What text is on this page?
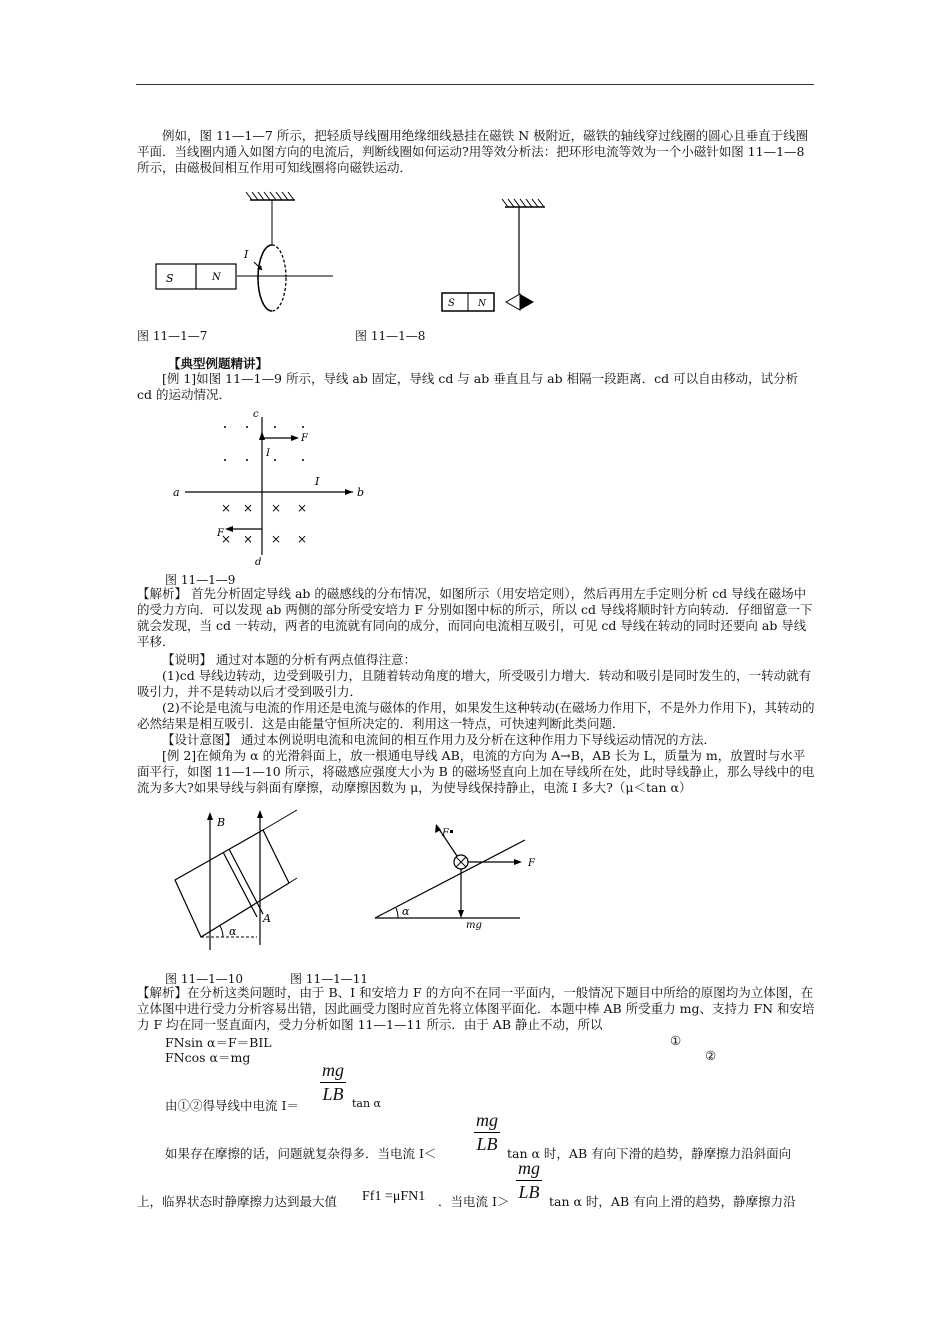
例如，图 11—1—7 所示，把轻质导线圈用绝缘细线悬挂在磁铁 N 极附近，磁铁的轴线穿过线圈的圆心且垂直于线圈平面．当线圈内通入如图方向的电流后，判断线圈如何运动?用等效分析法：把环形电流等效为一个小磁针如图 11—1—8 所示，由磁极间相互作用可知线圈将向磁铁运动．

S	N
I
S	N
图 11—1—7	图 11—1—8
【典型例题精讲】

[例 1]如图 11—1—9 所示，导线 ab 固定，导线 cd 与 ab 垂直且与 ab 相隔一段距离．cd 可以自由移动，试分析 cd 的运动情况．

c
d
a	b
I
F
I
× × × ×
× × × ×
F
图 11—1—9

【解析】 首先分析固定导线 ab 的磁感线的分布情况，如图所示（用安培定则），然后再用左手定则分析 cd 导线在磁场中的受力方向．可以发现 ab 两侧的部分所受安培力 F 分别如图中标的所示，所以 cd 导线将顺时针方向转动．仔细留意一下就会发现，当 cd 一转动，两者的电流就有同向的成分，而同向电流相互吸引，可见 cd 导线在转动的同时还要向 ab 导线平移．

【说明】 通过对本题的分析有两点值得注意：

(1)cd 导线边转动，边受到吸引力，且随着转动角度的增大，所受吸引力增大．转动和吸引是同时发生的，一转动就有吸引力，并不是转动以后才受到吸引力．

(2)不论是电流与电流的作用还是电流与磁体的作用，如果发生这种转动(在磁场力作用下，不是外力作用下)，其转动的必然结果是相互吸引．这是由能量守恒所决定的．利用这一特点，可快速判断此类问题．

【设计意图】 通过本例说明电流和电流间的相互作用力及分析在这种作用力下导线运动情况的方法．

[例 2]在倾角为 α 的光滑斜面上，放一根通电导线 AB，电流的方向为 A→B，AB 长为 L，质量为 m，放置时与水平面平行，如图 11—1—10 所示，将磁感应强度大小为 B 的磁场竖直向上加在导线所在处，此时导线静止，那么导线中的电流为多大?如果导线与斜面有摩擦，动摩擦因数为 μ，为使导线保持静止，电流 I 多大?（μ＜tan α）

B
A
α
α
F
F
mg
图 11—1—10	图 11—1—11

【解析】在分析这类问题时，由于 B、I 和安培力 F 的方向不在同一平面内，一般情况下题目中所给的原图均为立体图，在立体图中进行受力分析容易出错，因此画受力图时应首先将立体图平面化．本题中棒 AB 所受重力 mg、支持力 FN 和安培力 F 均在同一竖直面内，受力分析如图 11—1—11 所示．由于 AB 静止不动，所以

FNsin α＝F＝BIL	①
FNcos α＝mg	②
由①②得导线中电流 I＝
$\frac{mg}{LB}$ tan α
如果存在摩擦的话，问题就复杂得多．当电流 $I< \frac{mg}{LB}$ tan α 时，AB 有向下滑的趋势，静摩擦力沿斜面向
上，临界状态时静摩擦力达到最大值 Ff1 =μFN1 ．当电流 $I> \frac{mg}{LB}$ tan α 时，AB 有向上滑的趋势，静摩擦力沿
